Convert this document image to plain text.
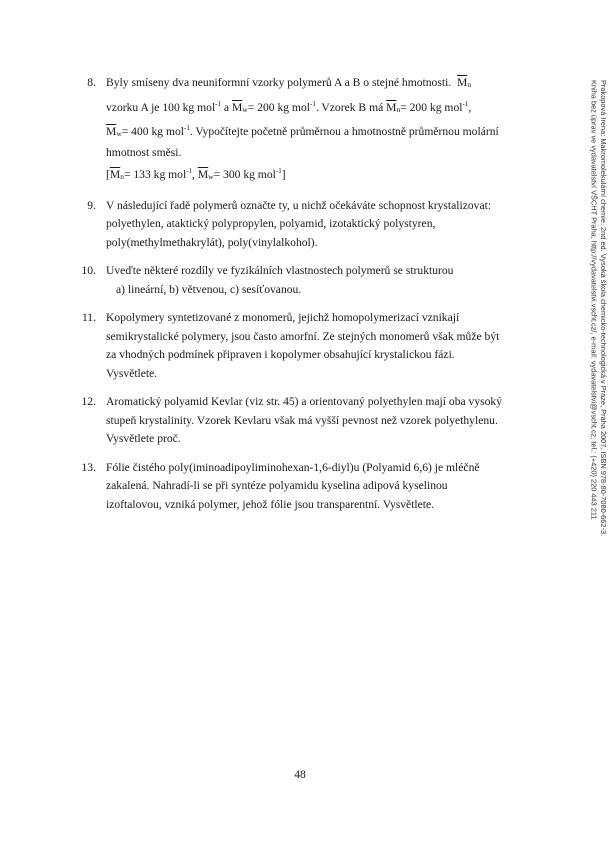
8. Byly smíseny dva neuniformní vzorky polymerů A a B o stejné hmotnosti. $\overline{M}n$

vzorku A je 100 kg mol$^{-1}$ a $\overline{M}w= 200$ kg mol$^{-1}$. Vzorek B má $\overline{M}n= 200$ kg mol$^{-1}$,

$\overline{M}w= 400$ kg mol$^{-1}$. Vypočítejte početně průměrnou a hmotnostně průměrnou molární

hmotnost směsi.

[$\overline{M}n= 133$ kg mol$^{-1}$, $\overline{M}w= 300$ kg mol$^{-1}$]

9. V následující řadě polymerů označte ty, u nichž očekáváte schopnost krystalizovat:

polyethylen, ataktický polypropylen, polyamid, izotaktický polystyren,

poly(methylmethakrylát), poly(vinylalkohol).

10. Uveďte některé rozdíly ve fyzikálních vlastnostech polymerů se strukturou

a) lineární, b) větvenou, c) sesíťovanou.

11. Kopolymery syntetizované z monomerů, jejichž homopolymerizací vznikají

semikrystalické polymery, jsou často amorfní. Ze stejných monomerů však může být

za vhodných podmínek připraven i kopolymer obsahující krystalickou fázi.

Vysvětlete.

12. Aromatický polyamid Kevlar (viz str. 45) a orientovaný polyethylen mají oba vysoký

stupeň krystalinity. Vzorek Kevlaru však má vyšší pevnost než vzorek polyethylenu.

Vysvětlete proč.

13. Fólie čistého poly(iminoadipoyliminohexan-1,6-diyl)u (Polyamid 6,6) je mléčně

zakalená. Nahradí-li se při syntéze polyamidu kyselina adipová kyselinou

izoftalovou, vzniká polymer, jehož fólie jsou transparentní. Vysvětlete.	Prokopová Irena: Makromolekulární chemie. 2nd ed. Vysoká škola chemicko-technologická v Praze, Praha 2007. ISBN 978-80-7080-662-3.
Kniha bez úprav ve vydavatelství VŠCHT Praha, http://vydavatelstvi.vscht.cz/, e-mail: vydavatelstvi@vscht.cz, tel.: (+420) 220 443 211
48
